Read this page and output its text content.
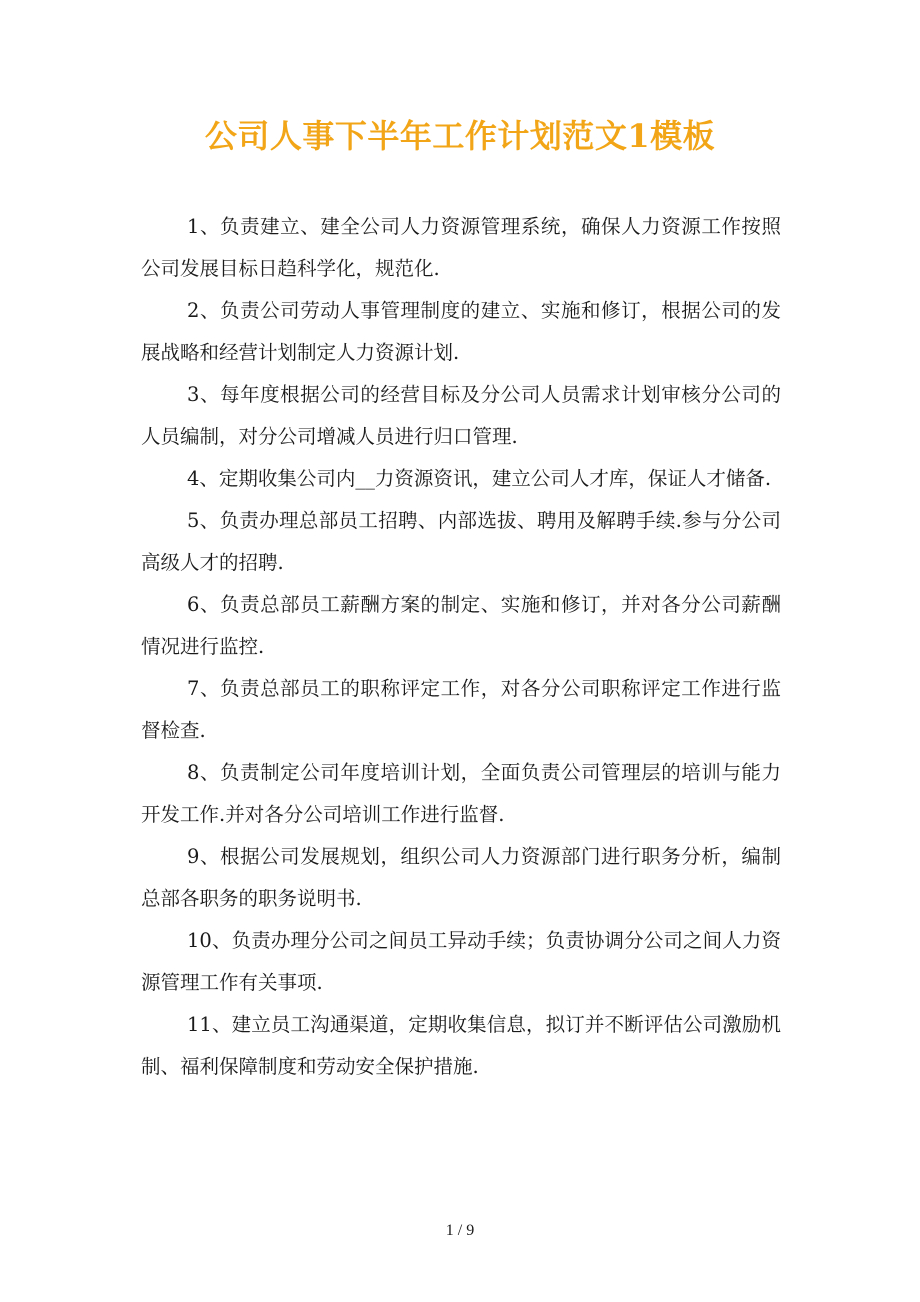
公司人事下半年工作计划范文1模板

1、负责建立、建全公司人力资源管理系统，确保人力资源工作按照公司发展目标日趋科学化，规范化.

2、负责公司劳动人事管理制度的建立、实施和修订，根据公司的发展战略和经营计划制定人力资源计划.

3、每年度根据公司的经营目标及分公司人员需求计划审核分公司的人员编制，对分公司增减人员进行归口管理.

4、定期收集公司内__力资源资讯，建立公司人才库，保证人才储备.

5、负责办理总部员工招聘、内部选拔、聘用及解聘手续.参与分公司高级人才的招聘.

6、负责总部员工薪酬方案的制定、实施和修订，并对各分公司薪酬情况进行监控.

7、负责总部员工的职称评定工作，对各分公司职称评定工作进行监督检查.

8、负责制定公司年度培训计划，全面负责公司管理层的培训与能力开发工作.并对各分公司培训工作进行监督.

9、根据公司发展规划，组织公司人力资源部门进行职务分析，编制总部各职务的职务说明书.

10、负责办理分公司之间员工异动手续；负责协调分公司之间人力资源管理工作有关事项.

11、建立员工沟通渠道，定期收集信息，拟订并不断评估公司激励机制、福利保障制度和劳动安全保护措施.

1 / 9
